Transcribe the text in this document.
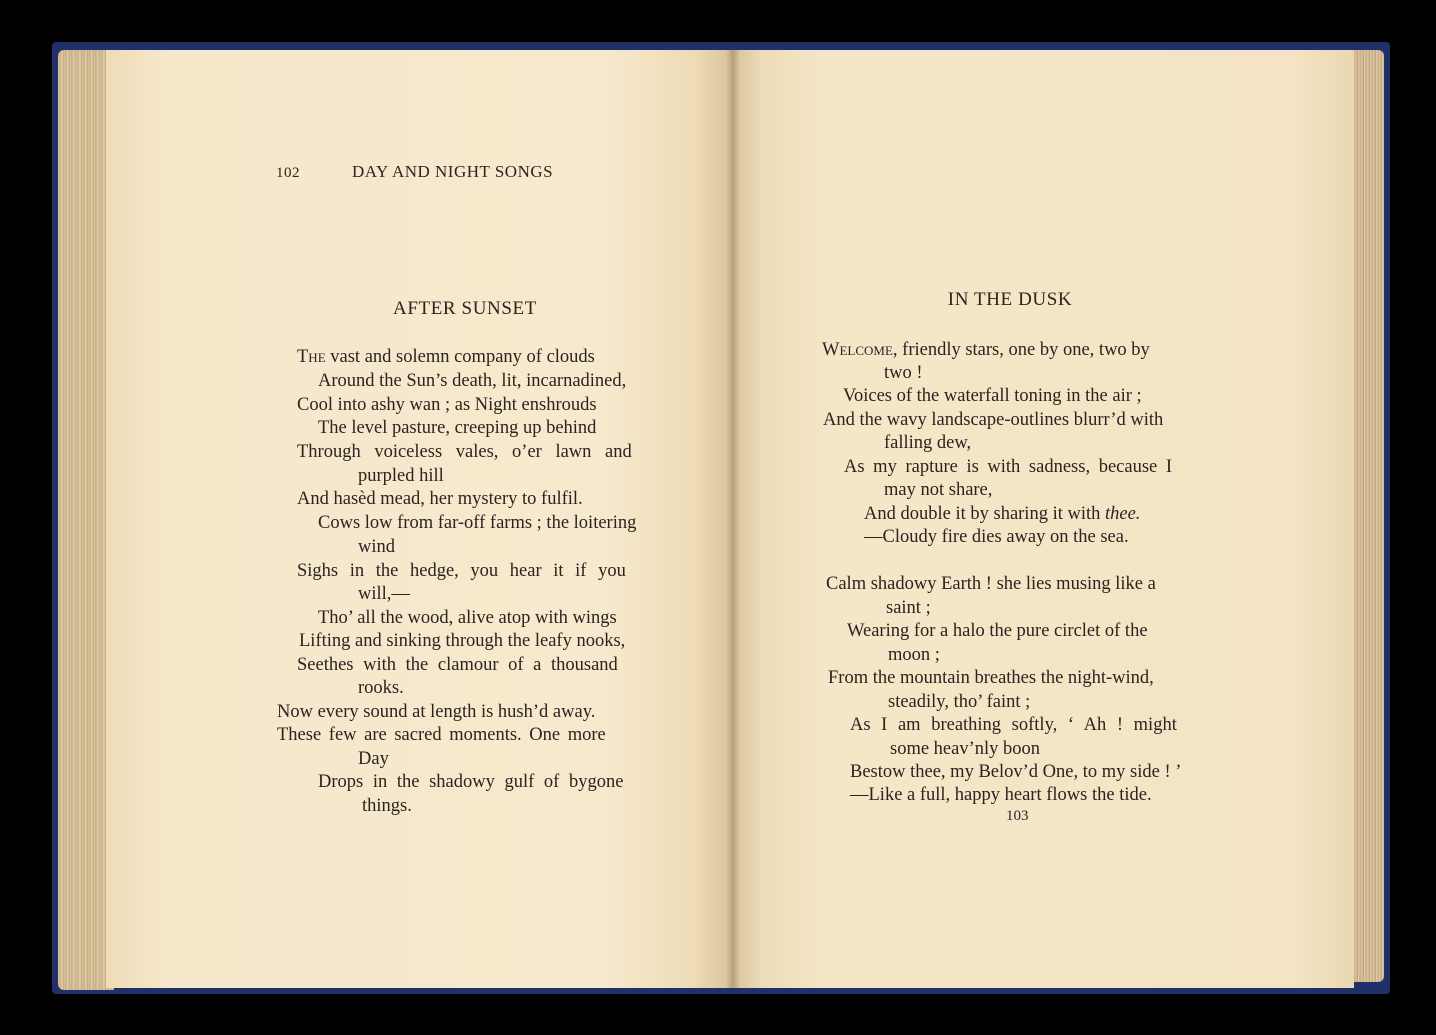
102	DAY AND NIGHT SONGS
AFTER SUNSET
The vast and solemn company of clouds
Around the Sun’s death, lit, incarnadined,
Cool into ashy wan ; as Night enshrouds
The level pasture, creeping up behind
Through voiceless vales, o’er lawn and
purpled hill
And hasèd mead, her mystery to fulfil.
Cows low from far-off farms ; the loitering
wind
Sighs in the hedge, you hear it if you
will,—
Tho’ all the wood, alive atop with wings
Lifting and sinking through the leafy nooks,
Seethes with the clamour of a thousand
rooks.
Now every sound at length is hush’d away.
These few are sacred moments. One more
Day
Drops in the shadowy gulf of bygone
things.
IN THE DUSK
Welcome, friendly stars, one by one, two by
two !
Voices of the waterfall toning in the air ;
And the wavy landscape-outlines blurr’d with
falling dew,
As my rapture is with sadness, because I
may not share,
And double it by sharing it with thee.
—Cloudy fire dies away on the sea.
Calm shadowy Earth ! she lies musing like a
saint ;
Wearing for a halo the pure circlet of the
moon ;
From the mountain breathes the night-wind,
steadily, tho’ faint ;
As I am breathing softly, ‘ Ah ! might
some heav’nly boon
Bestow thee, my Belov’d One, to my side ! ’
—Like a full, happy heart flows the tide.
103
